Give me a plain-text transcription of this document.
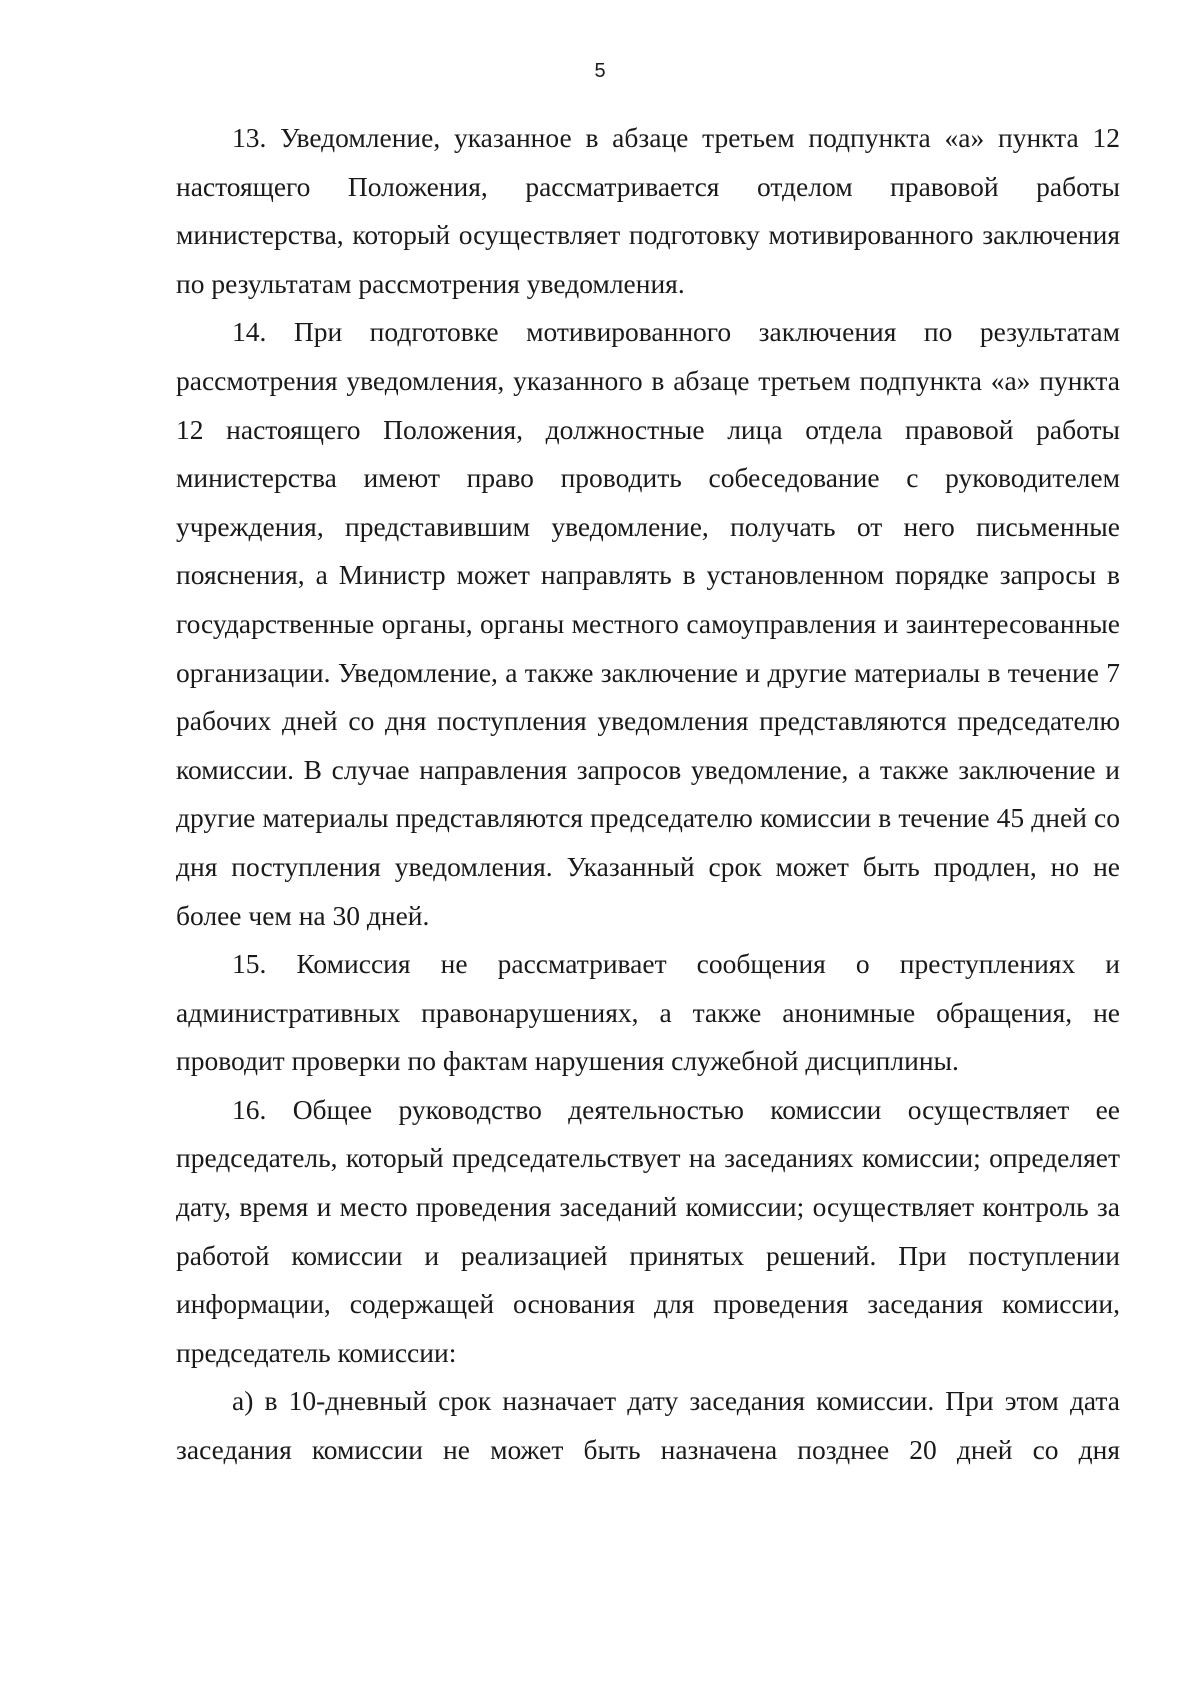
5

13. Уведомление, указанное в абзаце третьем подпункта «а» пункта 12 настоящего Положения, рассматривается отделом правовой работы министерства, который осуществляет подготовку мотивированного заключения по результатам рассмотрения уведомления.

14. При подготовке мотивированного заключения по результатам рассмотрения уведомления, указанного в абзаце третьем подпункта «а» пункта 12 настоящего Положения, должностные лица отдела правовой работы министерства имеют право проводить собеседование с руководителем учреждения, представившим уведомление, получать от него письменные пояснения, а Министр может направлять в установленном порядке запросы в государственные органы, органы местного самоуправления и заинтересованные организации. Уведомление, а также заключение и другие материалы в течение 7 рабочих дней со дня поступления уведомления представляются председателю комиссии. В случае направления запросов уведомление, а также заключение и другие материалы представляются председателю комиссии в течение 45 дней со дня поступления уведомления. Указанный срок может быть продлен, но не более чем на 30 дней.

15. Комиссия не рассматривает сообщения о преступлениях и административных правонарушениях, а также анонимные обращения, не проводит проверки по фактам нарушения служебной дисциплины.

16. Общее руководство деятельностью комиссии осуществляет ее председатель, который председательствует на заседаниях комиссии; определяет дату, время и место проведения заседаний комиссии; осуществляет контроль за работой комиссии и реализацией принятых решений. При поступлении информации, содержащей основания для проведения заседания комиссии, председатель комиссии:

а) в 10-дневный срок назначает дату заседания комиссии. При этом дата заседания комиссии не может быть назначена позднее 20 дней со дня
